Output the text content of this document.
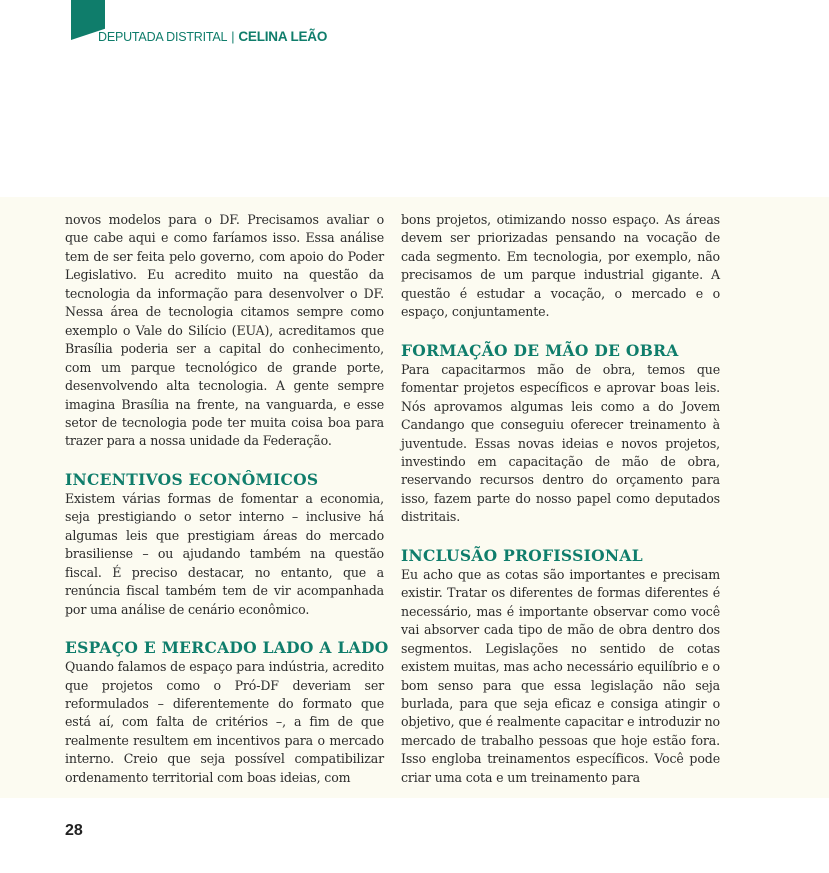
DEPUTADA DISTRITAL | CELINA LEÃO

novos modelos para o DF. Precisamos avaliar o que cabe aqui e como faríamos isso. Essa análise tem de ser feita pelo governo, com apoio do Poder Legislativo. Eu acredito muito na questão da tecnologia da informação para desenvolver o DF. Nessa área de tecnologia citamos sempre como exemplo o Vale do Silício (EUA), acreditamos que Brasília poderia ser a capital do conhecimento, com um parque tecnológico de grande porte, desenvolvendo alta tecnologia. A gente sempre imagina Brasília na frente, na vanguarda, e esse setor de tecnologia pode ter muita coisa boa para trazer para a nossa unidade da Federação.

INCENTIVOS ECONÔMICOS

Existem várias formas de fomentar a economia, seja prestigiando o setor interno – inclusive há algumas leis que prestigiam áreas do mercado brasiliense – ou ajudando também na questão fiscal. É preciso destacar, no entanto, que a renúncia fiscal também tem de vir acompanhada por uma análise de cenário econômico.

ESPAÇO E MERCADO LADO A LADO

Quando falamos de espaço para indústria, acredito que projetos como o Pró-DF deveriam ser reformulados – diferentemente do formato que está aí, com falta de critérios –, a fim de que realmente resultem em incentivos para o mercado interno. Creio que seja possível compatibilizar ordenamento territorial com boas ideias, com

bons projetos, otimizando nosso espaço. As áreas devem ser priorizadas pensando na vocação de cada segmento. Em tecnologia, por exemplo, não precisamos de um parque industrial gigante. A questão é estudar a vocação, o mercado e o espaço, conjuntamente.

FORMAÇÃO DE MÃO DE OBRA

Para capacitarmos mão de obra, temos que fomentar projetos específicos e aprovar boas leis. Nós aprovamos algumas leis como a do Jovem Candango que conseguiu oferecer treinamento à juventude. Essas novas ideias e novos projetos, investindo em capacitação de mão de obra, reservando recursos dentro do orçamento para isso, fazem parte do nosso papel como deputados distritais.

INCLUSÃO PROFISSIONAL

Eu acho que as cotas são importantes e precisam existir. Tratar os diferentes de formas diferentes é necessário, mas é importante observar como você vai absorver cada tipo de mão de obra dentro dos segmentos. Legislações no sentido de cotas existem muitas, mas acho necessário equilíbrio e o bom senso para que essa legislação não seja burlada, para que seja eficaz e consiga atingir o objetivo, que é realmente capacitar e introduzir no mercado de trabalho pessoas que hoje estão fora. Isso engloba treinamentos específicos. Você pode criar uma cota e um treinamento para

28
